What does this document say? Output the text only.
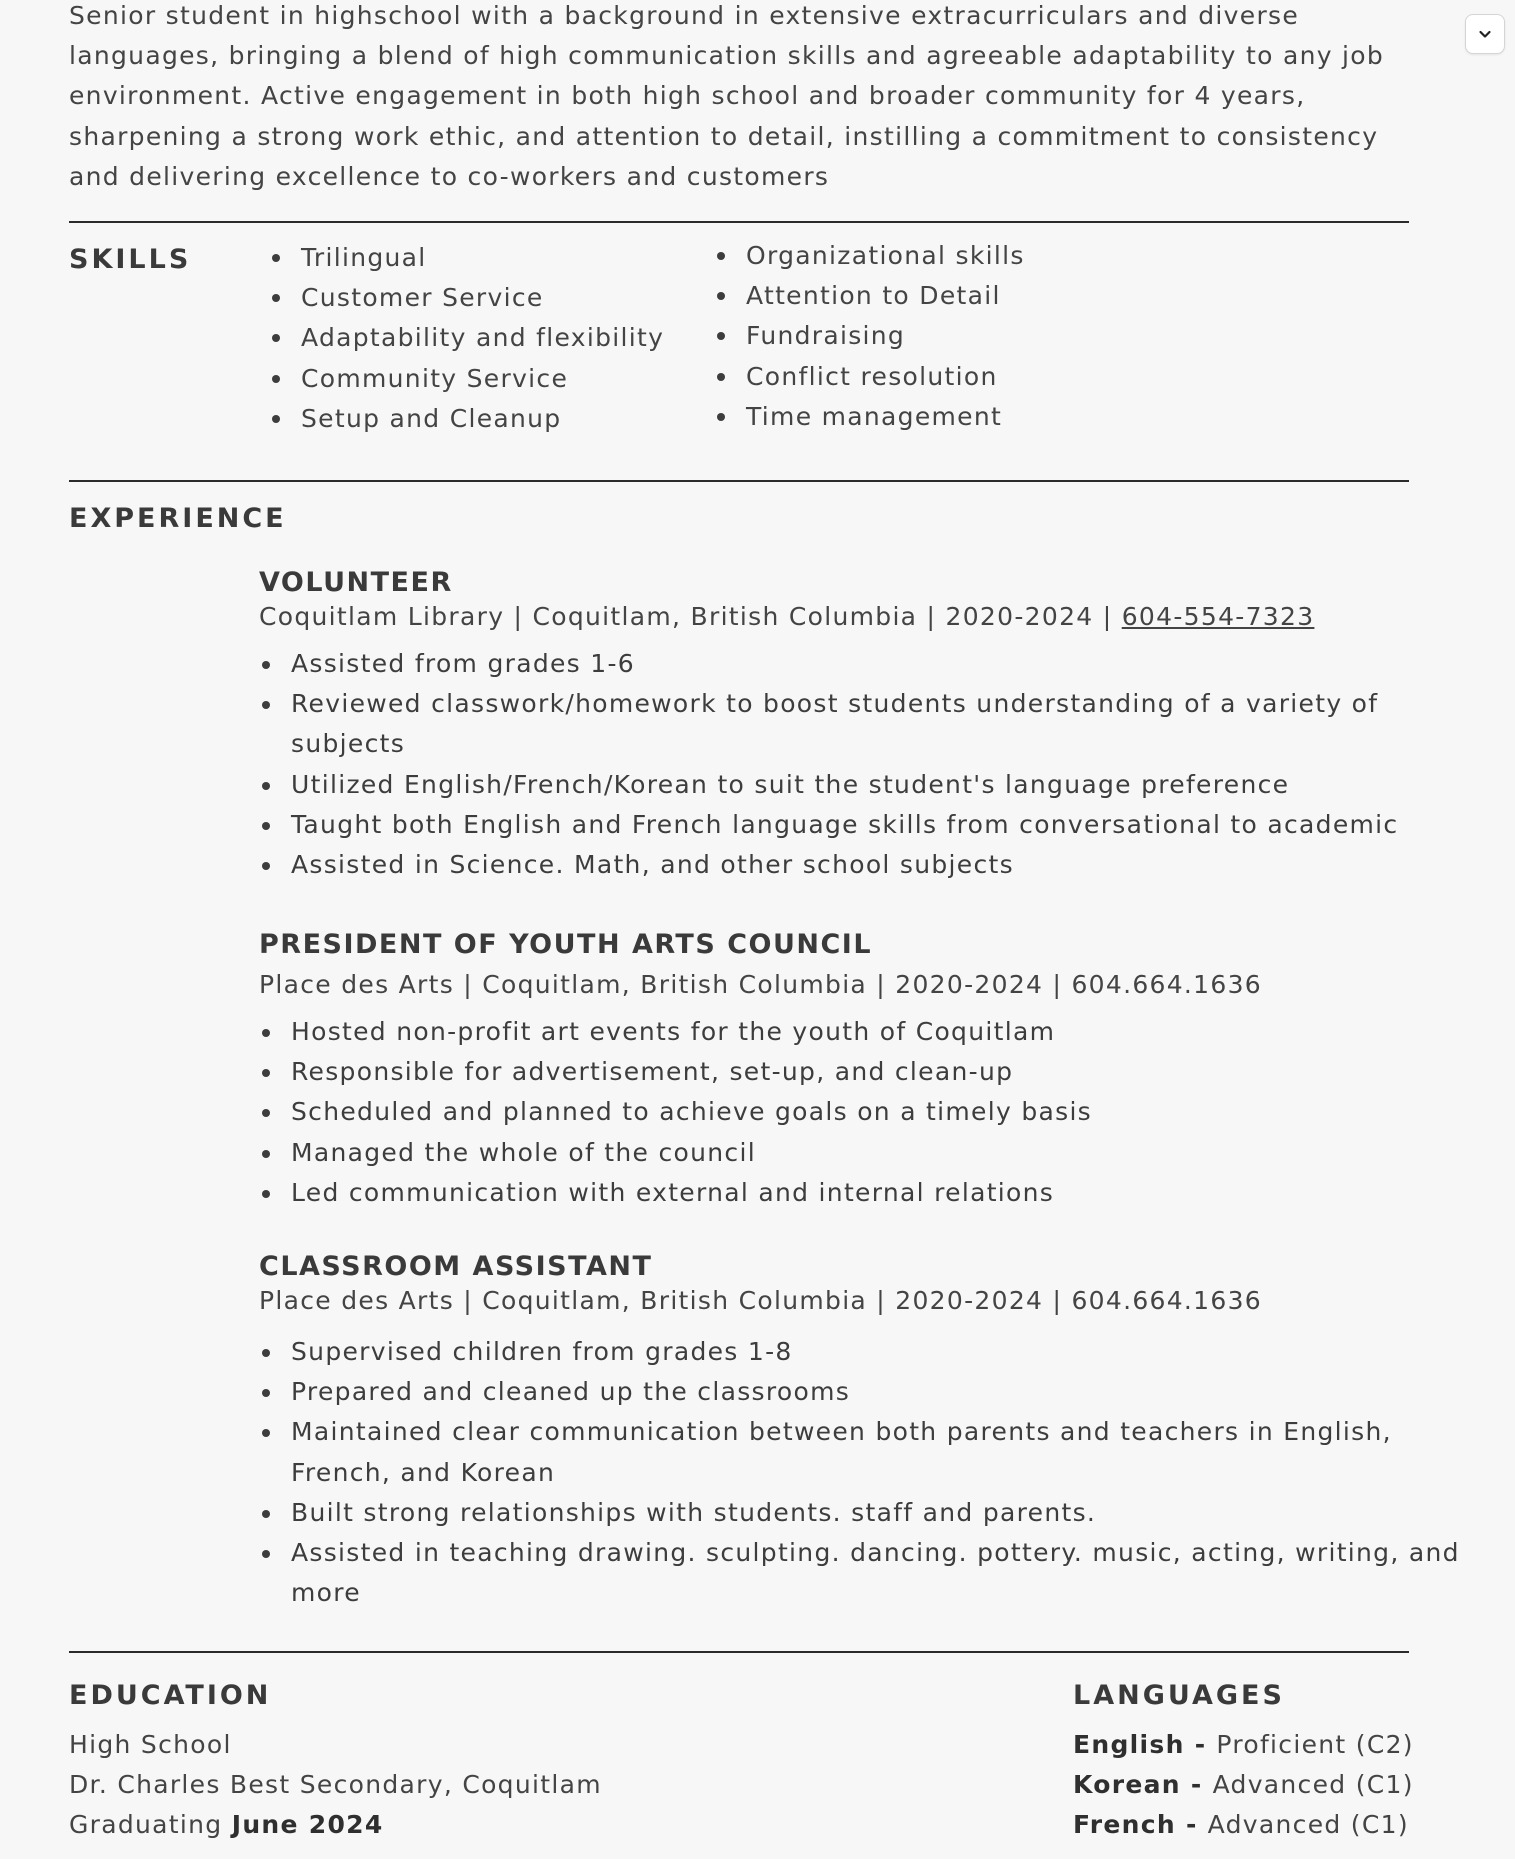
Senior student in highschool with a background in extensive extracurriculars and diverse languages, bringing a blend of high communication skills and agreeable adaptability to any job environment. Active engagement in both high school and broader community for 4 years, sharpening a strong work ethic, and attention to detail, instilling a commitment to consistency and delivering excellence to co-workers and customers

SKILLS	Trilingual
Customer Service
Adaptability and flexibility
Community Service
Setup and Cleanup
Organizational skills
Attention to Detail
Fundraising
Conflict resolution
Time management
EXPERIENCE
VOLUNTEER

Coquitlam Library | Coquitlam, British Columbia | 2020-2024 | 604-554-7323

Assisted from grades 1-6
Reviewed classwork/homework to boost students understanding of a variety of subjects
Utilized English/French/Korean to suit the student's language preference
Taught both English and French language skills from conversational to academic
Assisted in Science. Math, and other school subjects
PRESIDENT OF YOUTH ARTS COUNCIL

Place des Arts | Coquitlam, British Columbia | 2020-2024 | 604.664.1636

Hosted non-profit art events for the youth of Coquitlam
Responsible for advertisement, set-up, and clean-up
Scheduled and planned to achieve goals on a timely basis
Managed the whole of the council
Led communication with external and internal relations
CLASSROOM ASSISTANT

Place des Arts | Coquitlam, British Columbia | 2020-2024 | 604.664.1636

Supervised children from grades 1-8
Prepared and cleaned up the classrooms
Maintained clear communication between both parents and teachers in English, French, and Korean
Built strong relationships with students. staff and parents.
Assisted in teaching drawing. sculpting. dancing. pottery. music, acting, writing, and more
EDUCATION
High School
Dr. Charles Best Secondary, Coquitlam
Graduating June 2024
LANGUAGES
English - Proficient (C2)
Korean - Advanced (C1)
French - Advanced (C1)
